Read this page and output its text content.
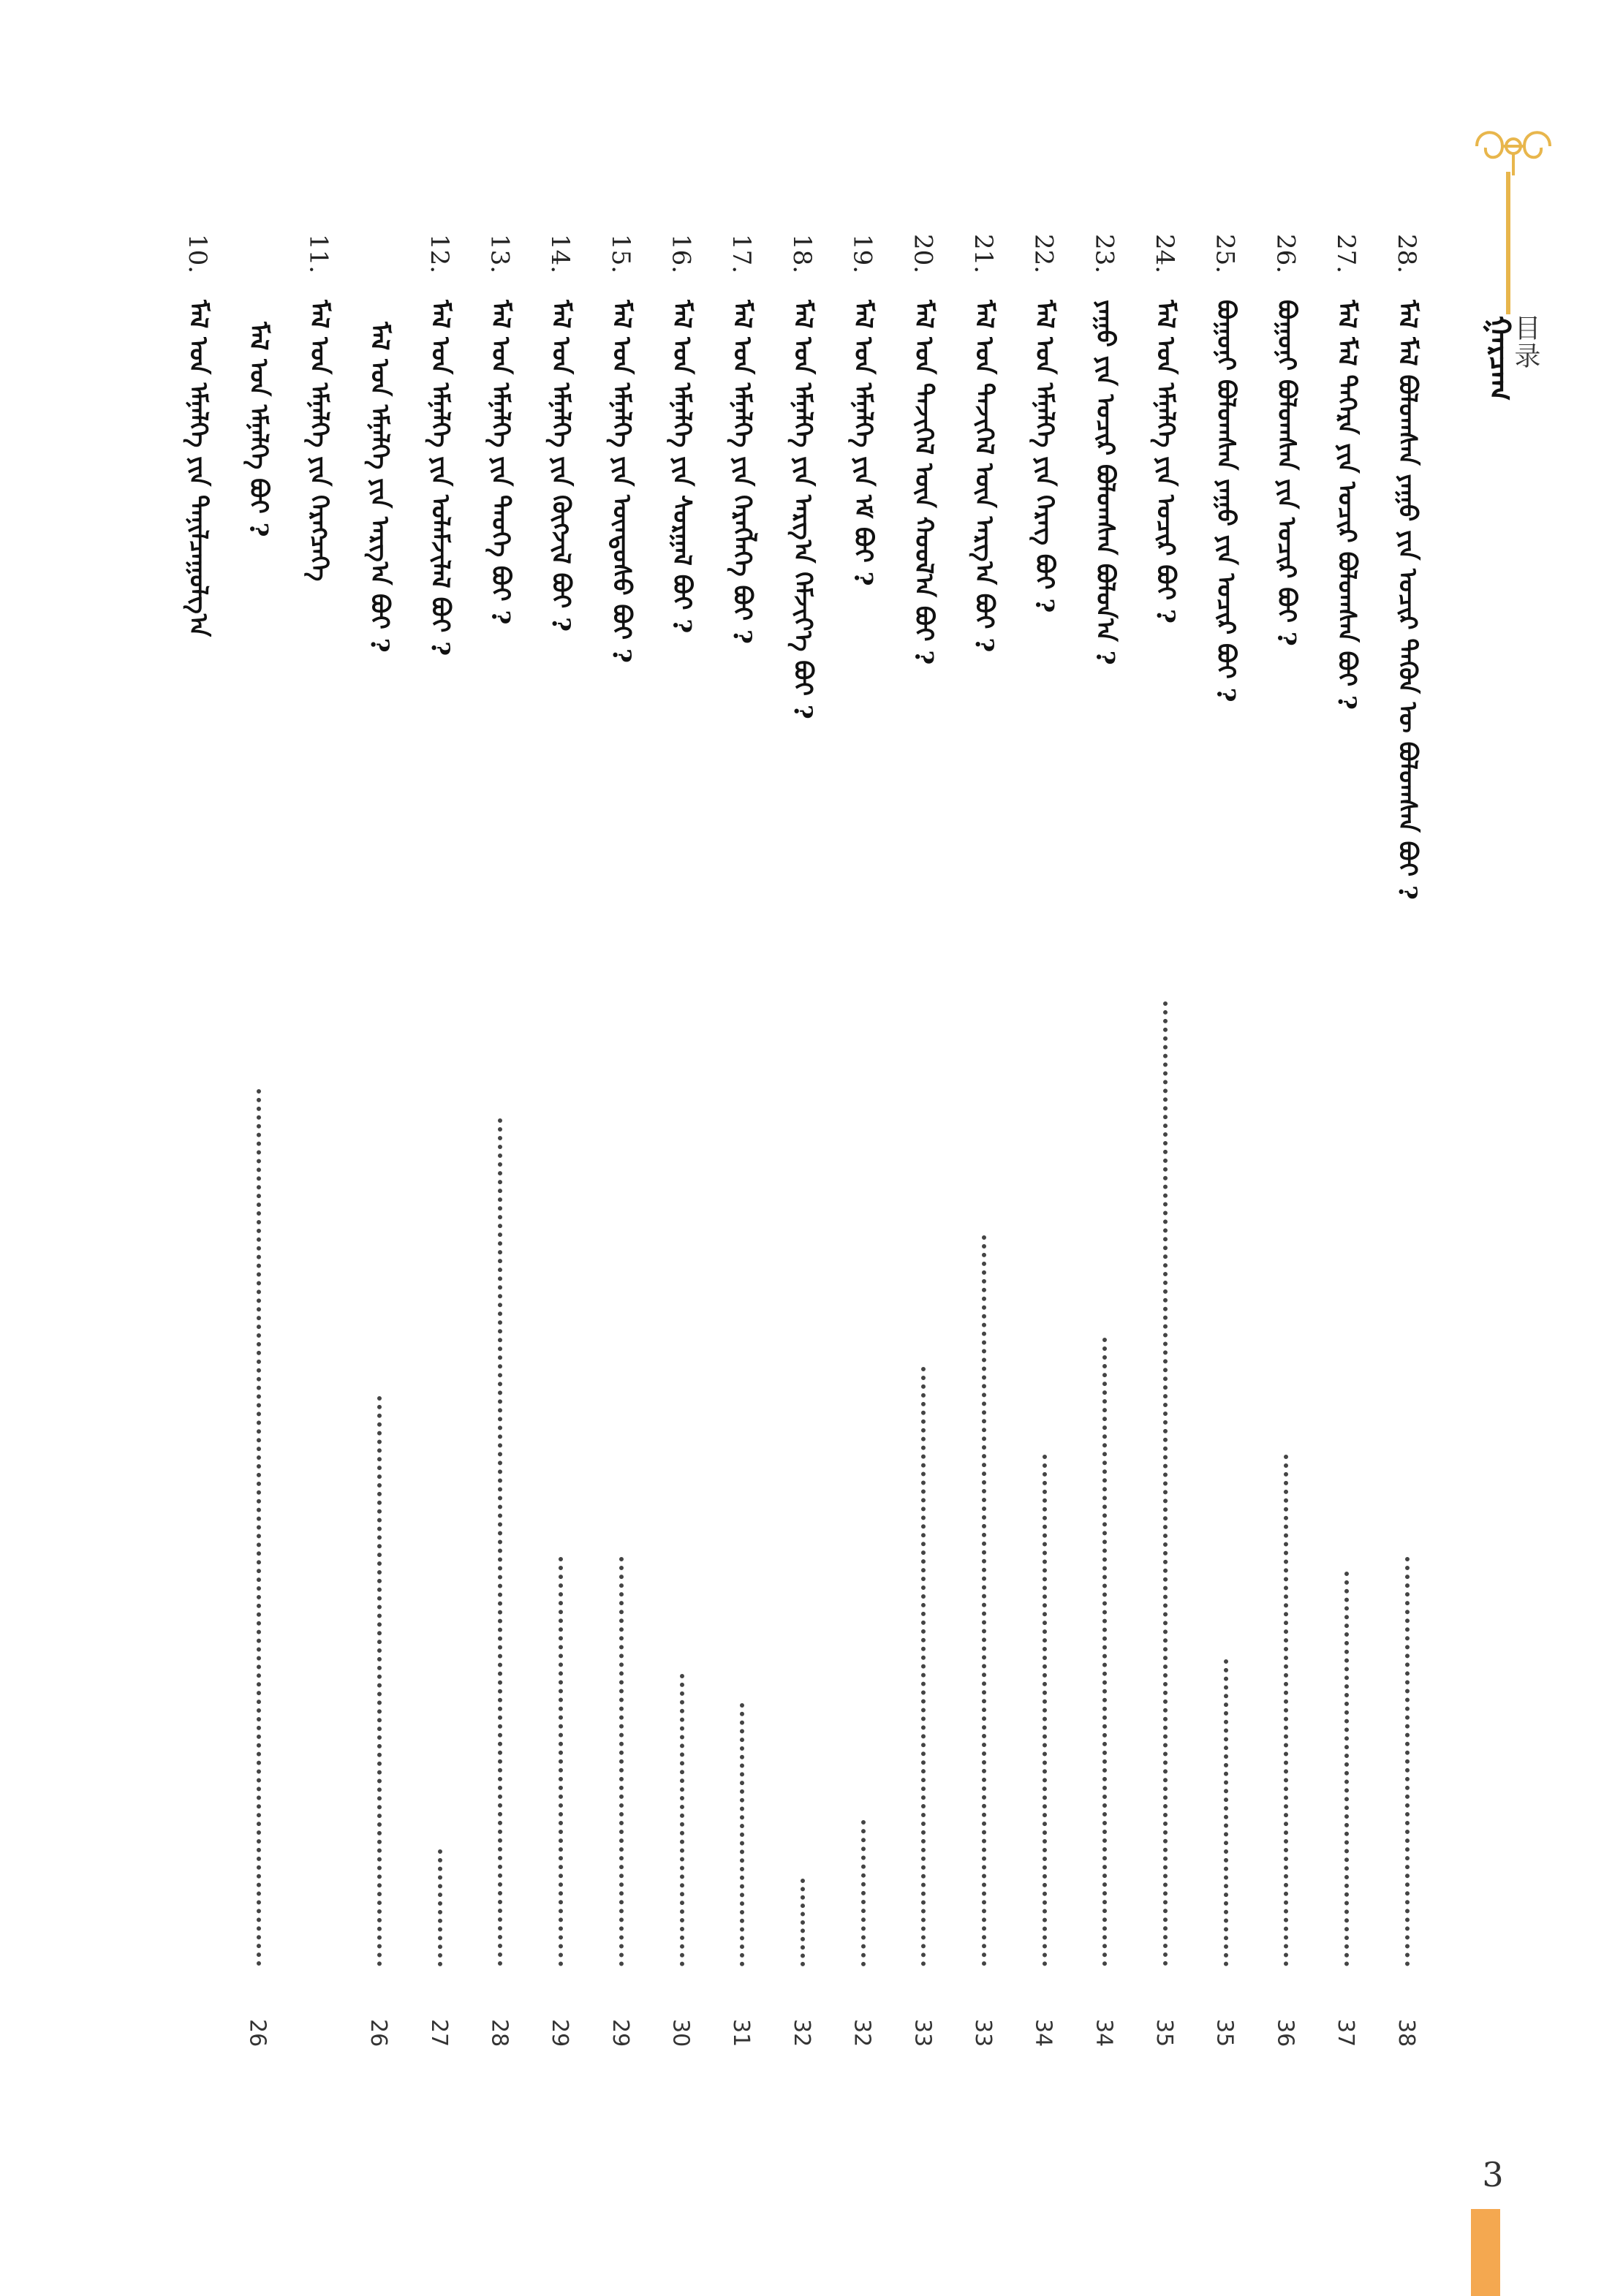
ᠭᠠᠷᠴᠠᠭ
目录
28.
ᠮᠠᠯ ᠮᠠᠯ ᠪᠣᠯᠤᠭᠰᠠᠨ ᠶᠠᠭᠤ ᠶᠢᠨ ᠤᠴᠢᠷ ᠲᠡᠭᠦᠨ ᠦ ᠪᠣᠯᠤᠭᠰᠠᠨ ᠪᠤᠢ ?
38
27.
ᠮᠠᠯ ᠮᠠᠯ ᠳᠡᠭᠡᠷᠡ ᠶᠢᠨ ᠤᠴᠢᠷ ᠪᠣᠯᠤᠭᠰᠠᠨ ᠪᠤᠢ ?
37
26.
ᠪᠣᠭᠣᠨᠢ ᠪᠣᠯᠤᠭᠰᠠᠨ ᠶᠢᠨ ᠤᠴᠢᠷ ᠪᠤᠢ ?
36
25.
ᠪᠣᠭᠣᠨᠢ ᠪᠣᠯᠤᠭᠰᠠᠨ ᠶᠠᠭᠤ ᠶᠢᠨ ᠤᠴᠢᠷ ᠪᠤᠢ ?
35
24.
ᠮᠠᠯ ᠤᠨ ᠡᠮᠨᠡᠯᠭᠡ ᠶᠢᠨ ᠤᠴᠢᠷ ᠪᠤᠢ ?
35
23.
ᠶᠠᠭᠤ ᠶᠢᠨ ᠤᠴᠢᠷ ᠪᠣᠯᠤᠭᠰᠠᠨ ᠪᠣᠯᠤᠨ᠎ᠠ ?
34
22.
ᠮᠠᠯ ᠤᠨ ᠡᠮᠨᠡᠯᠭᠡ ᠶᠢᠨ ᠬᠡᠷᠡᠭ ᠪᠤᠢ ?
34
21.
ᠮᠠᠯ ᠤᠨ ᠲᠡᠵᠢᠭᠡᠯ ᠦᠨ ᠠᠷᠭ᠎ᠠ ᠪᠤᠢ ?
33
20.
ᠮᠠᠯ ᠤᠨ ᠲᠡᠵᠢᠭᠡᠯ ᠦᠨ ᠬᠣᠣᠯ᠎ᠠ ᠪᠤᠢ ?
33
19.
ᠮᠠᠯ ᠤᠨ ᠡᠮᠨᠡᠯᠭᠡ ᠶᠢᠨ ᠡᠮ ᠪᠤᠢ ?
32
18.
ᠮᠠᠯ ᠤᠨ ᠡᠮᠨᠡᠯᠭᠡ ᠶᠢᠨ ᠠᠷᠭ᠎ᠠ ᠬᠡᠮᠵᠢᠶ᠎ᠡ ᠪᠤᠢ ?
32
17.
ᠮᠠᠯ ᠤᠨ ᠡᠮᠨᠡᠯᠭᠡ ᠶᠢᠨ ᠬᠡᠷᠡᠭᠯᠡᠭᠡ ᠪᠤᠢ ?
31
16.
ᠮᠠᠯ ᠤᠨ ᠡᠮᠨᠡᠯᠭᠡ ᠶᠢᠨ ᠰᠤᠷᠭᠠᠯ ᠪᠤᠢ ?
30
15.
ᠮᠠᠯ ᠤᠨ ᠡᠮᠨᠡᠯᠭᠡ ᠶᠢᠨ ᠦᠨᠳᠦᠰᠦ ᠪᠤᠢ ?
29
14.
ᠮᠠᠯ ᠤᠨ ᠡᠮᠨᠡᠯᠭᠡ ᠶᠢᠨ ᠬᠥᠭᠵᠢᠯ ᠪᠤᠢ ?
29
13.
ᠮᠠᠯ ᠤᠨ ᠡᠮᠨᠡᠯᠭᠡ ᠶᠢᠨ ᠲᠡᠦᠬᠡ ᠪᠤᠢ ?
28
12.
ᠮᠠᠯ ᠤᠨ ᠡᠮᠨᠡᠯᠭᠡ ᠶᠢᠨ ᠤᠯᠠᠮᠵᠢᠯᠠᠯ ᠪᠤᠢ ?
27
ᠮᠠᠯ ᠤᠨ ᠡᠮᠨᠡᠯᠭᠡ ᠶᠢᠨ ᠠᠷᠭ᠎ᠠ ᠪᠤᠢ ?
26
11.
ᠮᠠᠯ ᠤᠨ ᠡᠮᠨᠡᠯᠭᠡ ᠶᠢᠨ ᠬᠡᠷᠡᠭᠴᠡᠭᠡ
ᠮᠠᠯ ᠤᠨ ᠡᠮᠨᠡᠯᠭᠡ ᠪᠤᠢ ?
26
10.
ᠮᠠᠯ ᠤᠨ ᠡᠮᠨᠡᠯᠭᠡ ᠶᠢᠨ ᠲᠠᠨᠢᠯᠴᠠᠭᠤᠯᠭ᠎ᠠ
3
